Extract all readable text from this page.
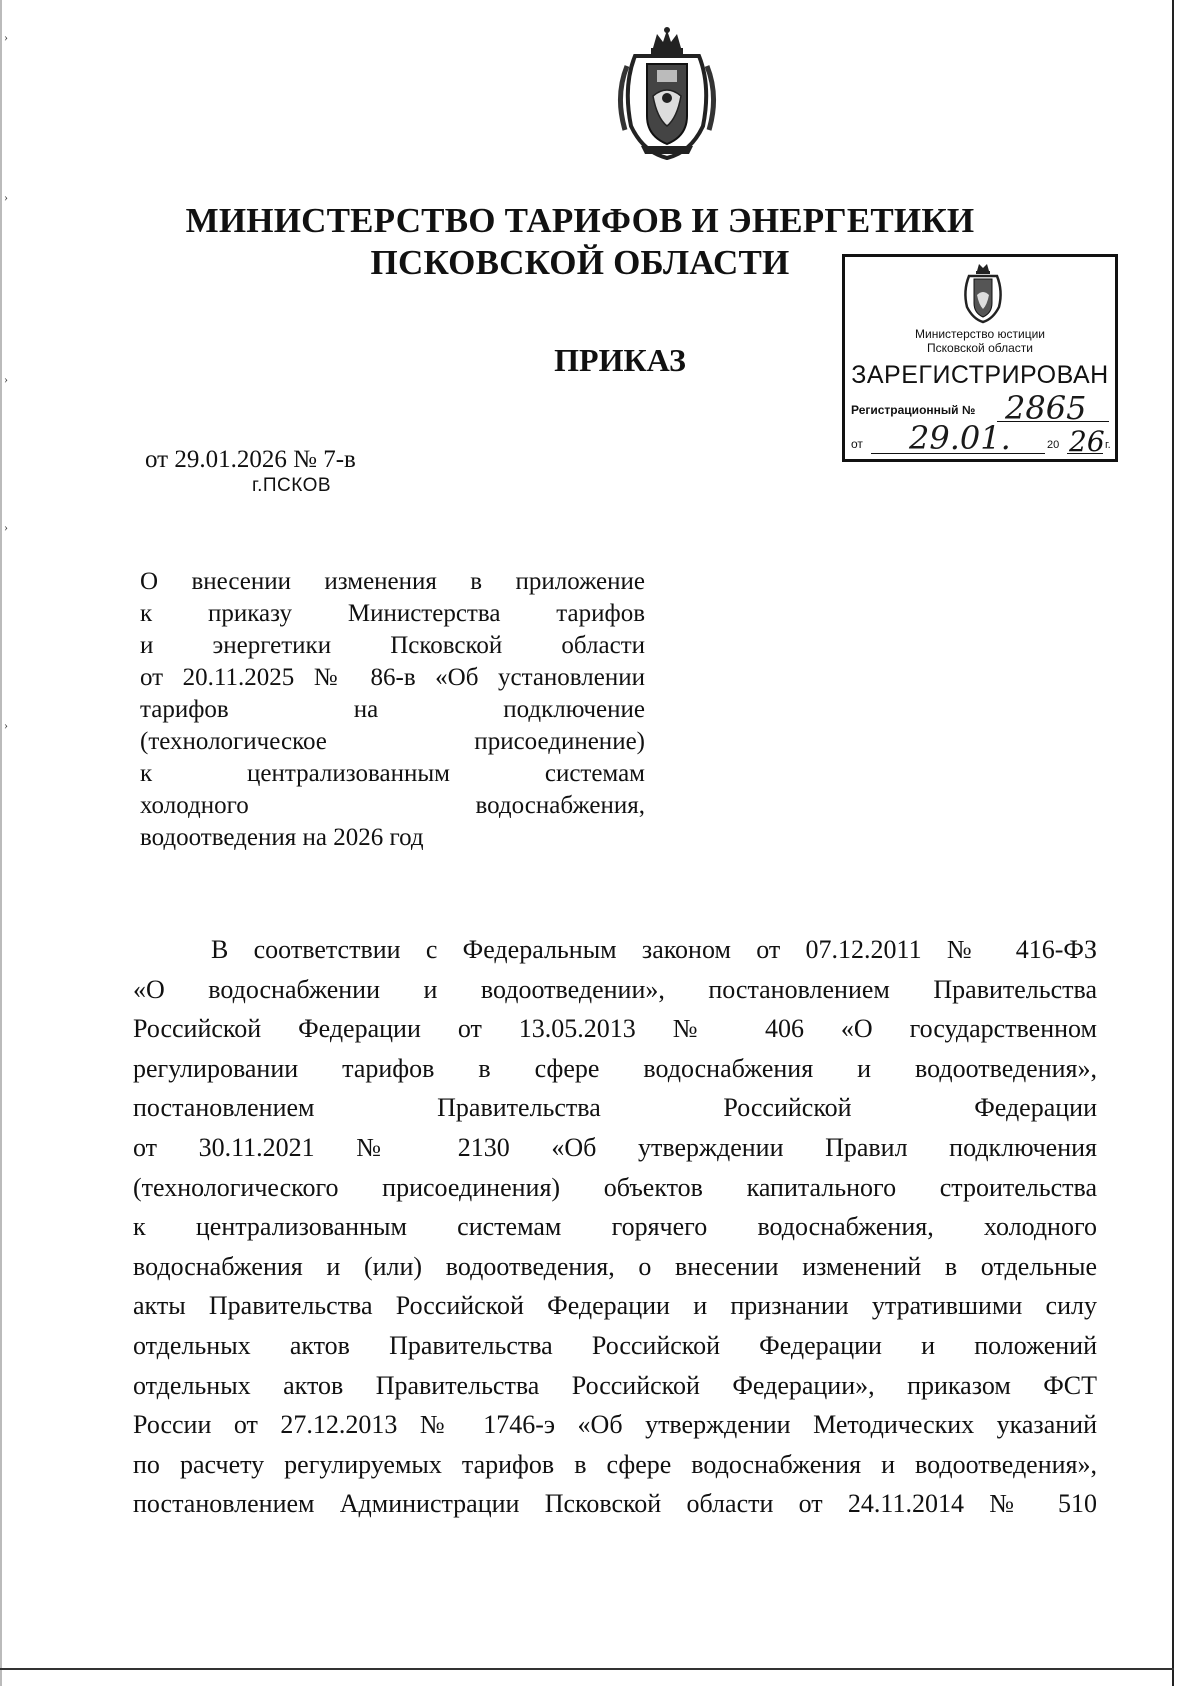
›
›
›
›
›
МИНИСТЕРСТВО ТАРИФОВ И ЭНЕРГЕТИКИ
ПСКОВСКОЙ ОБЛАСТИ
ПРИКАЗ
Министерство юстиции
Псковской области
ЗАРЕГИСТРИРОВАН
Регистрационный № 2865
от 29.01.	20 26 г.
от 29.01.2026 № 7-в
г.ПСКОВ
О внесении изменения в приложение
к приказу Министерства тарифов
и энергетики Псковской области
от 20.11.2025 № 86-в «Об установлении
тарифов на подключение
(технологическое присоединение)
к централизованным системам
холодного водоснабжения,
водоотведения на 2026 год
В соответствии с Федеральным законом от 07.12.2011 № 416-ФЗ
«О водоснабжении и водоотведении», постановлением Правительства
Российской Федерации от 13.05.2013 № 406 «О государственном
регулировании тарифов в сфере водоснабжения и водоотведения»,
постановлением Правительства Российской Федерации
от 30.11.2021 № 2130 «Об утверждении Правил подключения
(технологического присоединения) объектов капитального строительства
к централизованным системам горячего водоснабжения, холодного
водоснабжения и (или) водоотведения, о внесении изменений в отдельные
акты Правительства Российской Федерации и признании утратившими силу
отдельных актов Правительства Российской Федерации и положений
отдельных актов Правительства Российской Федерации», приказом ФСТ
России от 27.12.2013 № 1746-э «Об утверждении Методических указаний
по расчету регулируемых тарифов в сфере водоснабжения и водоотведения»,
постановлением Администрации Псковской области от 24.11.2014 № 510
